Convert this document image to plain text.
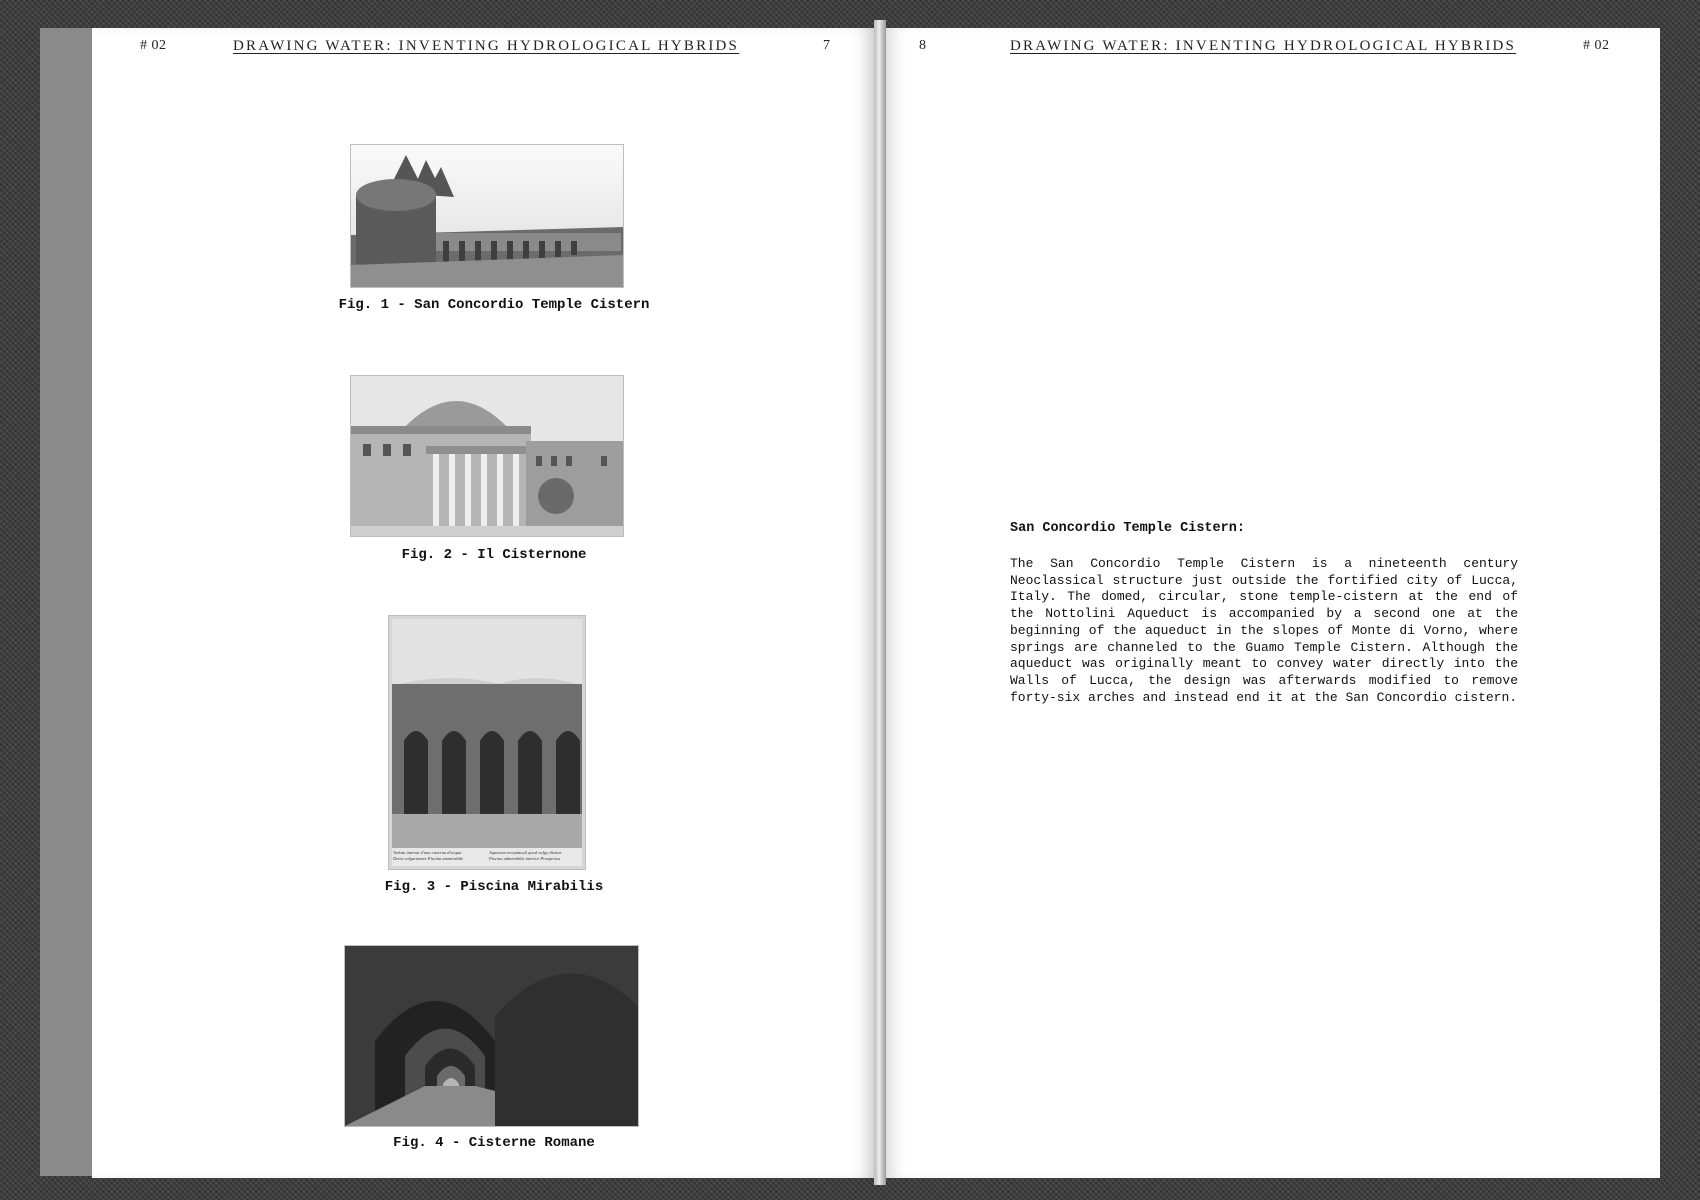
# 02	DRAWING WATER: INVENTING HYDROLOGICAL HYBRIDS	7
Fig. 1 - San Concordio Temple Cistern
Fig. 2 - Il Cisternone
Veduta interna d'una cisterna d'acqua
Detta volgarmente Piscina ammirabile
Aquarum receptaculi quod vulgo dicitur
Piscina admirabilis interior Prospectus
Fig. 3 - Piscina Mirabilis
Fig. 4 - Cisterne Romane
8	DRAWING WATER: INVENTING HYDROLOGICAL HYBRIDS	# 02
San Concordio Temple Cistern:
The San Concordio Temple Cistern is a nineteenth century Neoclassical structure just outside the fortified city of Lucca, Italy. The domed, circular, stone temple-cistern at the end of the Nottolini Aqueduct is accompanied by a second one at the beginning of the aqueduct in the slopes of Monte di Vorno, where springs are channeled to the Guamo Temple Cistern. Although the aqueduct was originally meant to convey water directly into the Walls of Lucca, the design was afterwards modified to remove forty-six arches and instead end it at the San Concordio cistern.
